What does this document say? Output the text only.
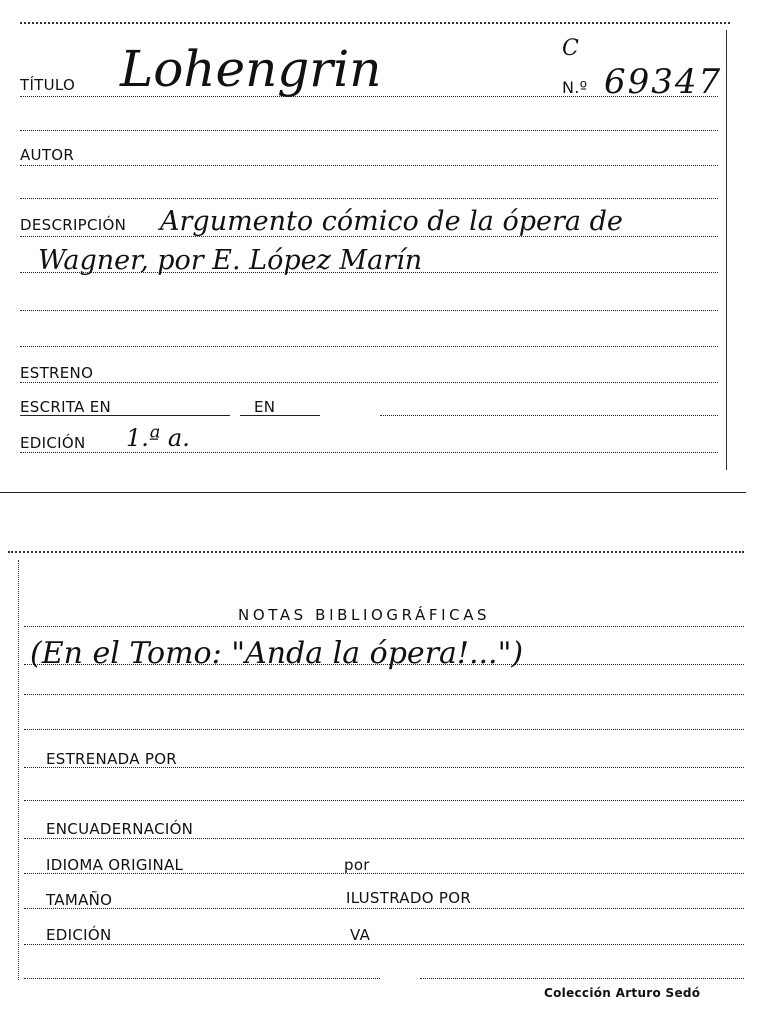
TÍTULO Lohengrin	C
N.º 69347
AUTOR
DESCRIPCIÓN Argumento cómico de la ópera de
Wagner, por E. López Marín
ESTRENO
ESCRITA EN	EN
EDICIÓN 1.ª a.
NOTAS BIBLIOGRÁFICAS
(En el Tomo: "Anda la ópera!...")
ESTRENADA POR
ENCUADERNACIÓN
IDIOMA ORIGINAL	por
TAMAÑO	ILUSTRADO POR
EDICIÓN	VA
Colección Arturo Sedó
